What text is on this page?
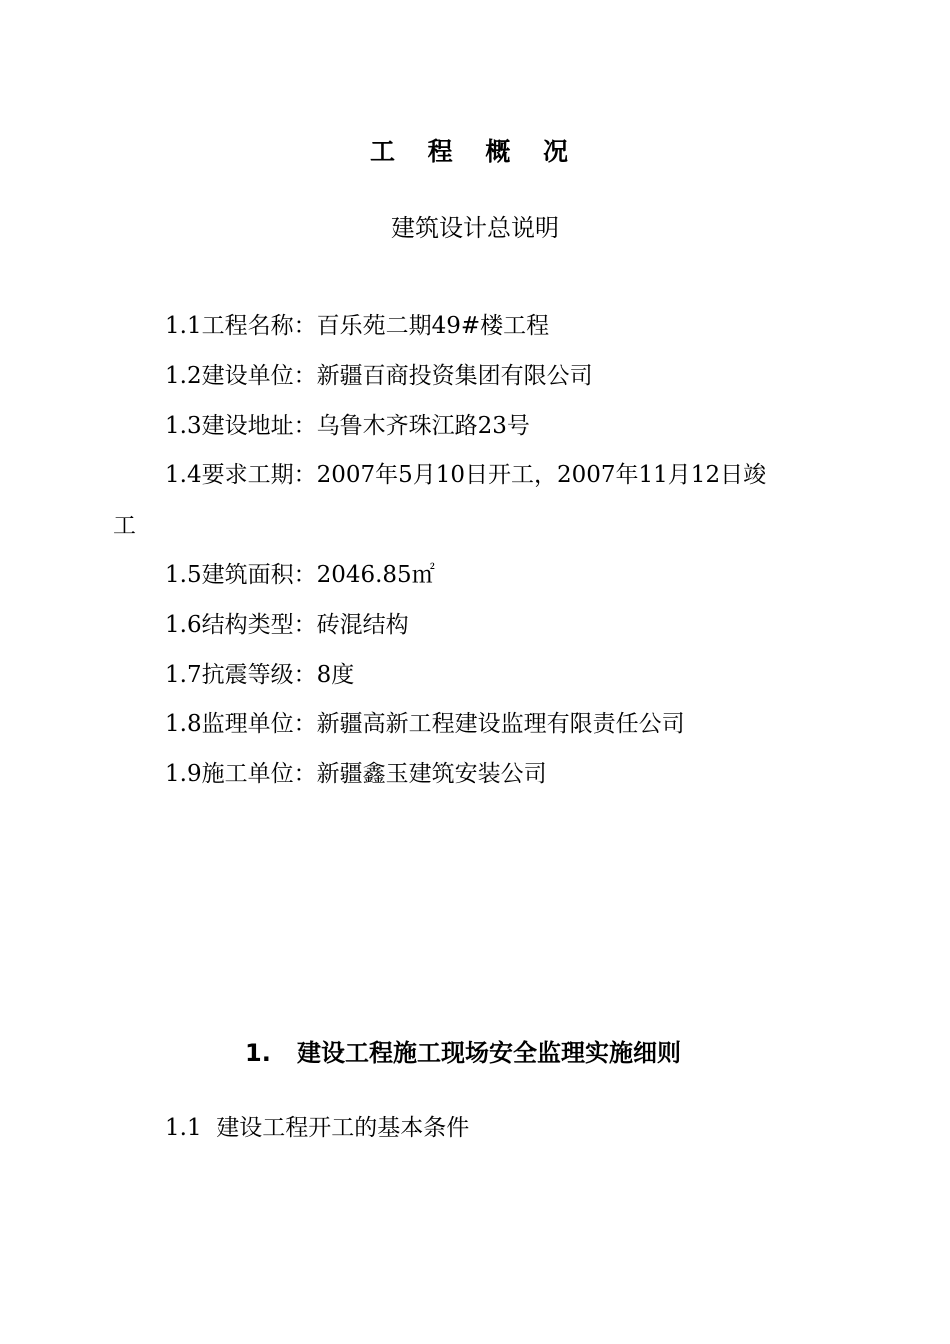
工 程 概 况
建筑设计总说明
1.1工程名称：百乐苑二期49#楼工程
1.2建设单位：新疆百商投资集团有限公司
1.3建设地址：乌鲁木齐珠江路23号
1.4要求工期：2007年5月10日开工，2007年11月12日竣
工
1.5建筑面积：2046.85㎡
1.6结构类型：砖混结构
1.7抗震等级：8度
1.8监理单位：新疆高新工程建设监理有限责任公司
1.9施工单位：新疆鑫玉建筑安装公司
1. 建设工程施工现场安全监理实施细则
1.1  建设工程开工的基本条件
